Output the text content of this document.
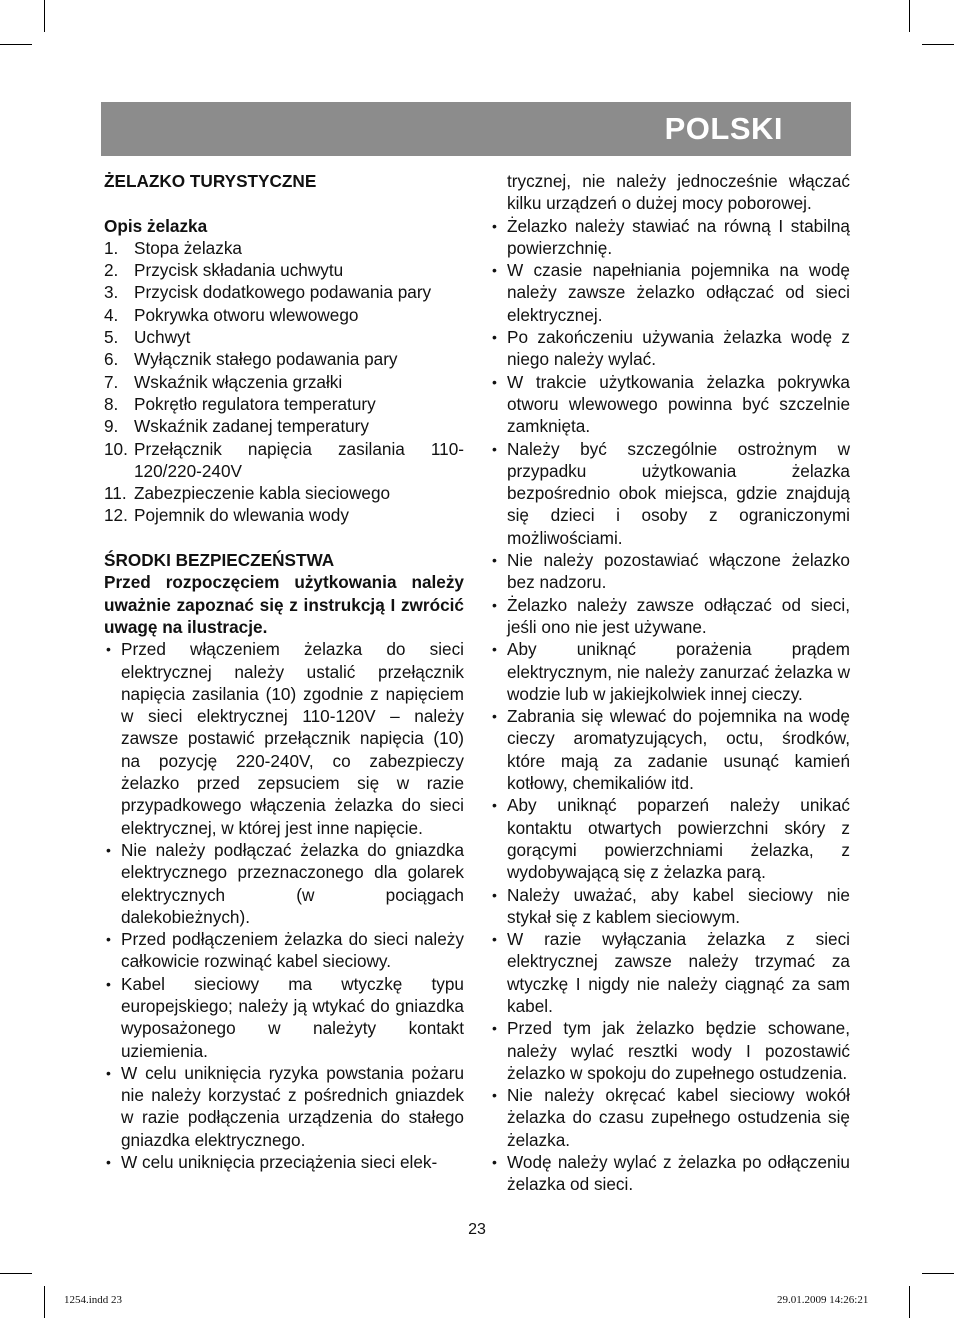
POLSKI
ŻELAZKO TURYSTYCZNE
Opis żelazka
1. Stopa żelazka
2. Przycisk składania uchwytu
3. Przycisk dodatkowego podawania pary
4. Pokrywka otworu wlewowego
5. Uchwyt
6. Wyłącznik stałego podawania pary
7. Wskaźnik włączenia grzałki
8. Pokrętło regulatora temperatury
9. Wskaźnik zadanej temperatury
10. Przełącznik napięcia zasilania 110-120/220-240V
11. Zabezpieczenie kabla sieciowego
12. Pojemnik do wlewania wody
ŚRODKI BEZPIECZEŃSTWA
Przed rozpoczęciem użytkowania należy uważnie zapoznać się z instrukcją I zwrócić uwagę na ilustracje.
• Przed włączeniem żelazka do sieci elektrycznej należy ustalić przełącznik napięcia zasilania (10) zgodnie z napięciem w sieci elektrycznej 110-120V – należy zawsze postawić przełącznik napięcia (10) na pozycję 220-240V, co zabezpieczy żelazko przed zepsuciem się w razie przypadkowego włączenia żelazka do sieci elektrycznej, w której jest inne napięcie.
• Nie należy podłączać żelazka do gniazdka elektrycznego przeznaczonego dla golarek elektrycznych (w pociągach dalekobieżnych).
• Przed podłączeniem żelazka do sieci należy całkowicie rozwinąć kabel sieciowy.
• Kabel sieciowy ma wtyczkę typu europejskiego; należy ją wtykać do gniazdka wyposażonego w należyty kontakt uziemienia.
• W celu uniknięcia ryzyka powstania pożaru nie należy korzystać z pośrednich gniazdek w razie podłączenia urządzenia do stałego gniazdka elektrycznego.
• W celu uniknięcia przeciążenia sieci elek-
trycznej, nie należy jednocześnie włączać kilku urządzeń o dużej mocy poborowej.
• Żelazko należy stawiać na równą I stabilną powierzchnię.
• W czasie napełniania pojemnika na wodę należy zawsze żelazko odłączać od sieci elektrycznej.
• Po zakończeniu używania żelazka wodę z niego należy wylać.
• W trakcie użytkowania żelazka pokrywka otworu wlewowego powinna być szczelnie zamknięta.
• Należy być szczególnie ostrożnym w przypadku użytkowania żelazka bezpośrednio obok miejsca, gdzie znajdują się dzieci i osoby z ograniczonymi możliwościami.
• Nie należy pozostawiać włączone żelazko bez nadzoru.
• Żelazko należy zawsze odłączać od sieci, jeśli ono nie jest używane.
• Aby uniknąć porażenia prądem elektrycznym, nie należy zanurzać żelazka w wodzie lub w jakiejkolwiek innej cieczy.
• Zabrania się wlewać do pojemnika na wodę cieczy aromatyzujących, octu, środków, które mają za zadanie usunąć kamień kotłowy, chemikaliów itd.
• Aby uniknąć poparzeń należy unikać kontaktu otwartych powierzchni skóry z gorącymi powierzchniami żelazka, z wydobywającą się z żelazka parą.
• Należy uważać, aby kabel sieciowy nie stykał się z kablem sieciowym.
• W razie wyłączania żelazka z sieci elektrycznej zawsze należy trzymać za wtyczkę I nigdy nie należy ciągnąć za sam kabel.
• Przed tym jak żelazko będzie schowane, należy wylać resztki wody I pozostawić żelazko w spokoju do zupełnego ostudzenia.
• Nie należy okręcać kabel sieciowy wokół żelazka do czasu zupełnego ostudzenia się żelazka.
• Wodę należy wylać z żelazka po odłączeniu żelazka od sieci.
23
1254.indd 23	29.01.2009 14:26:21
